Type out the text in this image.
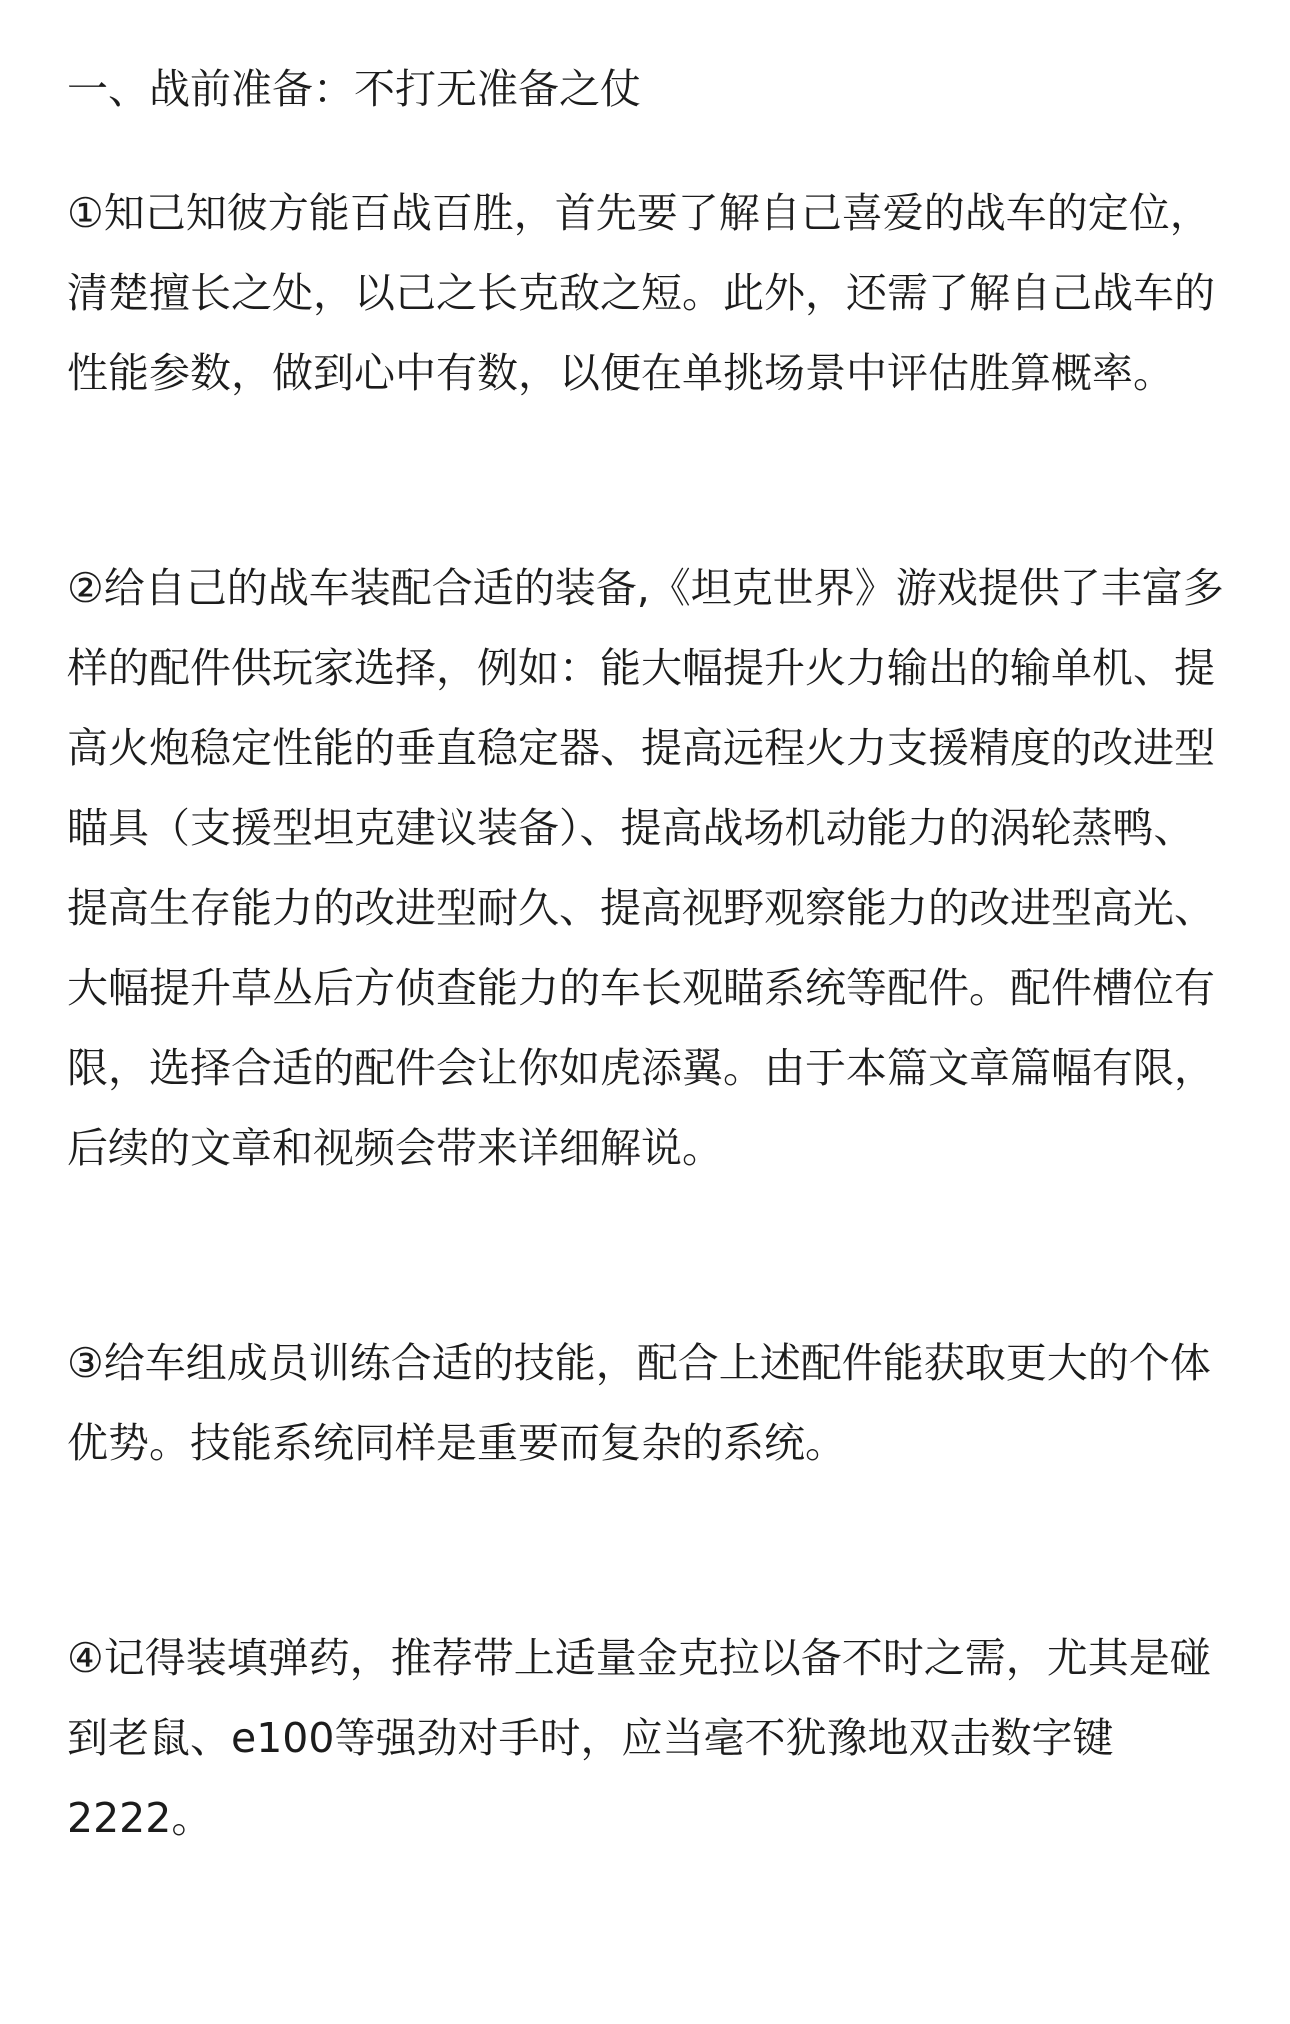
一、战前准备：不打无准备之仗

①知己知彼方能百战百胜，首先要了解自己喜爱的战车的定位，清楚擅长之处，以己之长克敌之短。此外，还需了解自己战车的性能参数，做到心中有数，以便在单挑场景中评估胜算概率。

②给自己的战车装配合适的装备,《坦克世界》游戏提供了丰富多样的配件供玩家选择，例如：能大幅提升火力输出的输单机、提高火炮稳定性能的垂直稳定器、提高远程火力支援精度的改进型瞄具（支援型坦克建议装备）、提高战场机动能力的涡轮蒸鸭、提高生存能力的改进型耐久、提高视野观察能力的改进型高光、大幅提升草丛后方侦查能力的车长观瞄系统等配件。配件槽位有限，选择合适的配件会让你如虎添翼。由于本篇文章篇幅有限，后续的文章和视频会带来详细解说。

③给车组成员训练合适的技能，配合上述配件能获取更大的个体优势。技能系统同样是重要而复杂的系统。

④记得装填弹药，推荐带上适量金克拉以备不时之需，尤其是碰到老鼠、e100等强劲对手时，应当毫不犹豫地双击数字键2222。
